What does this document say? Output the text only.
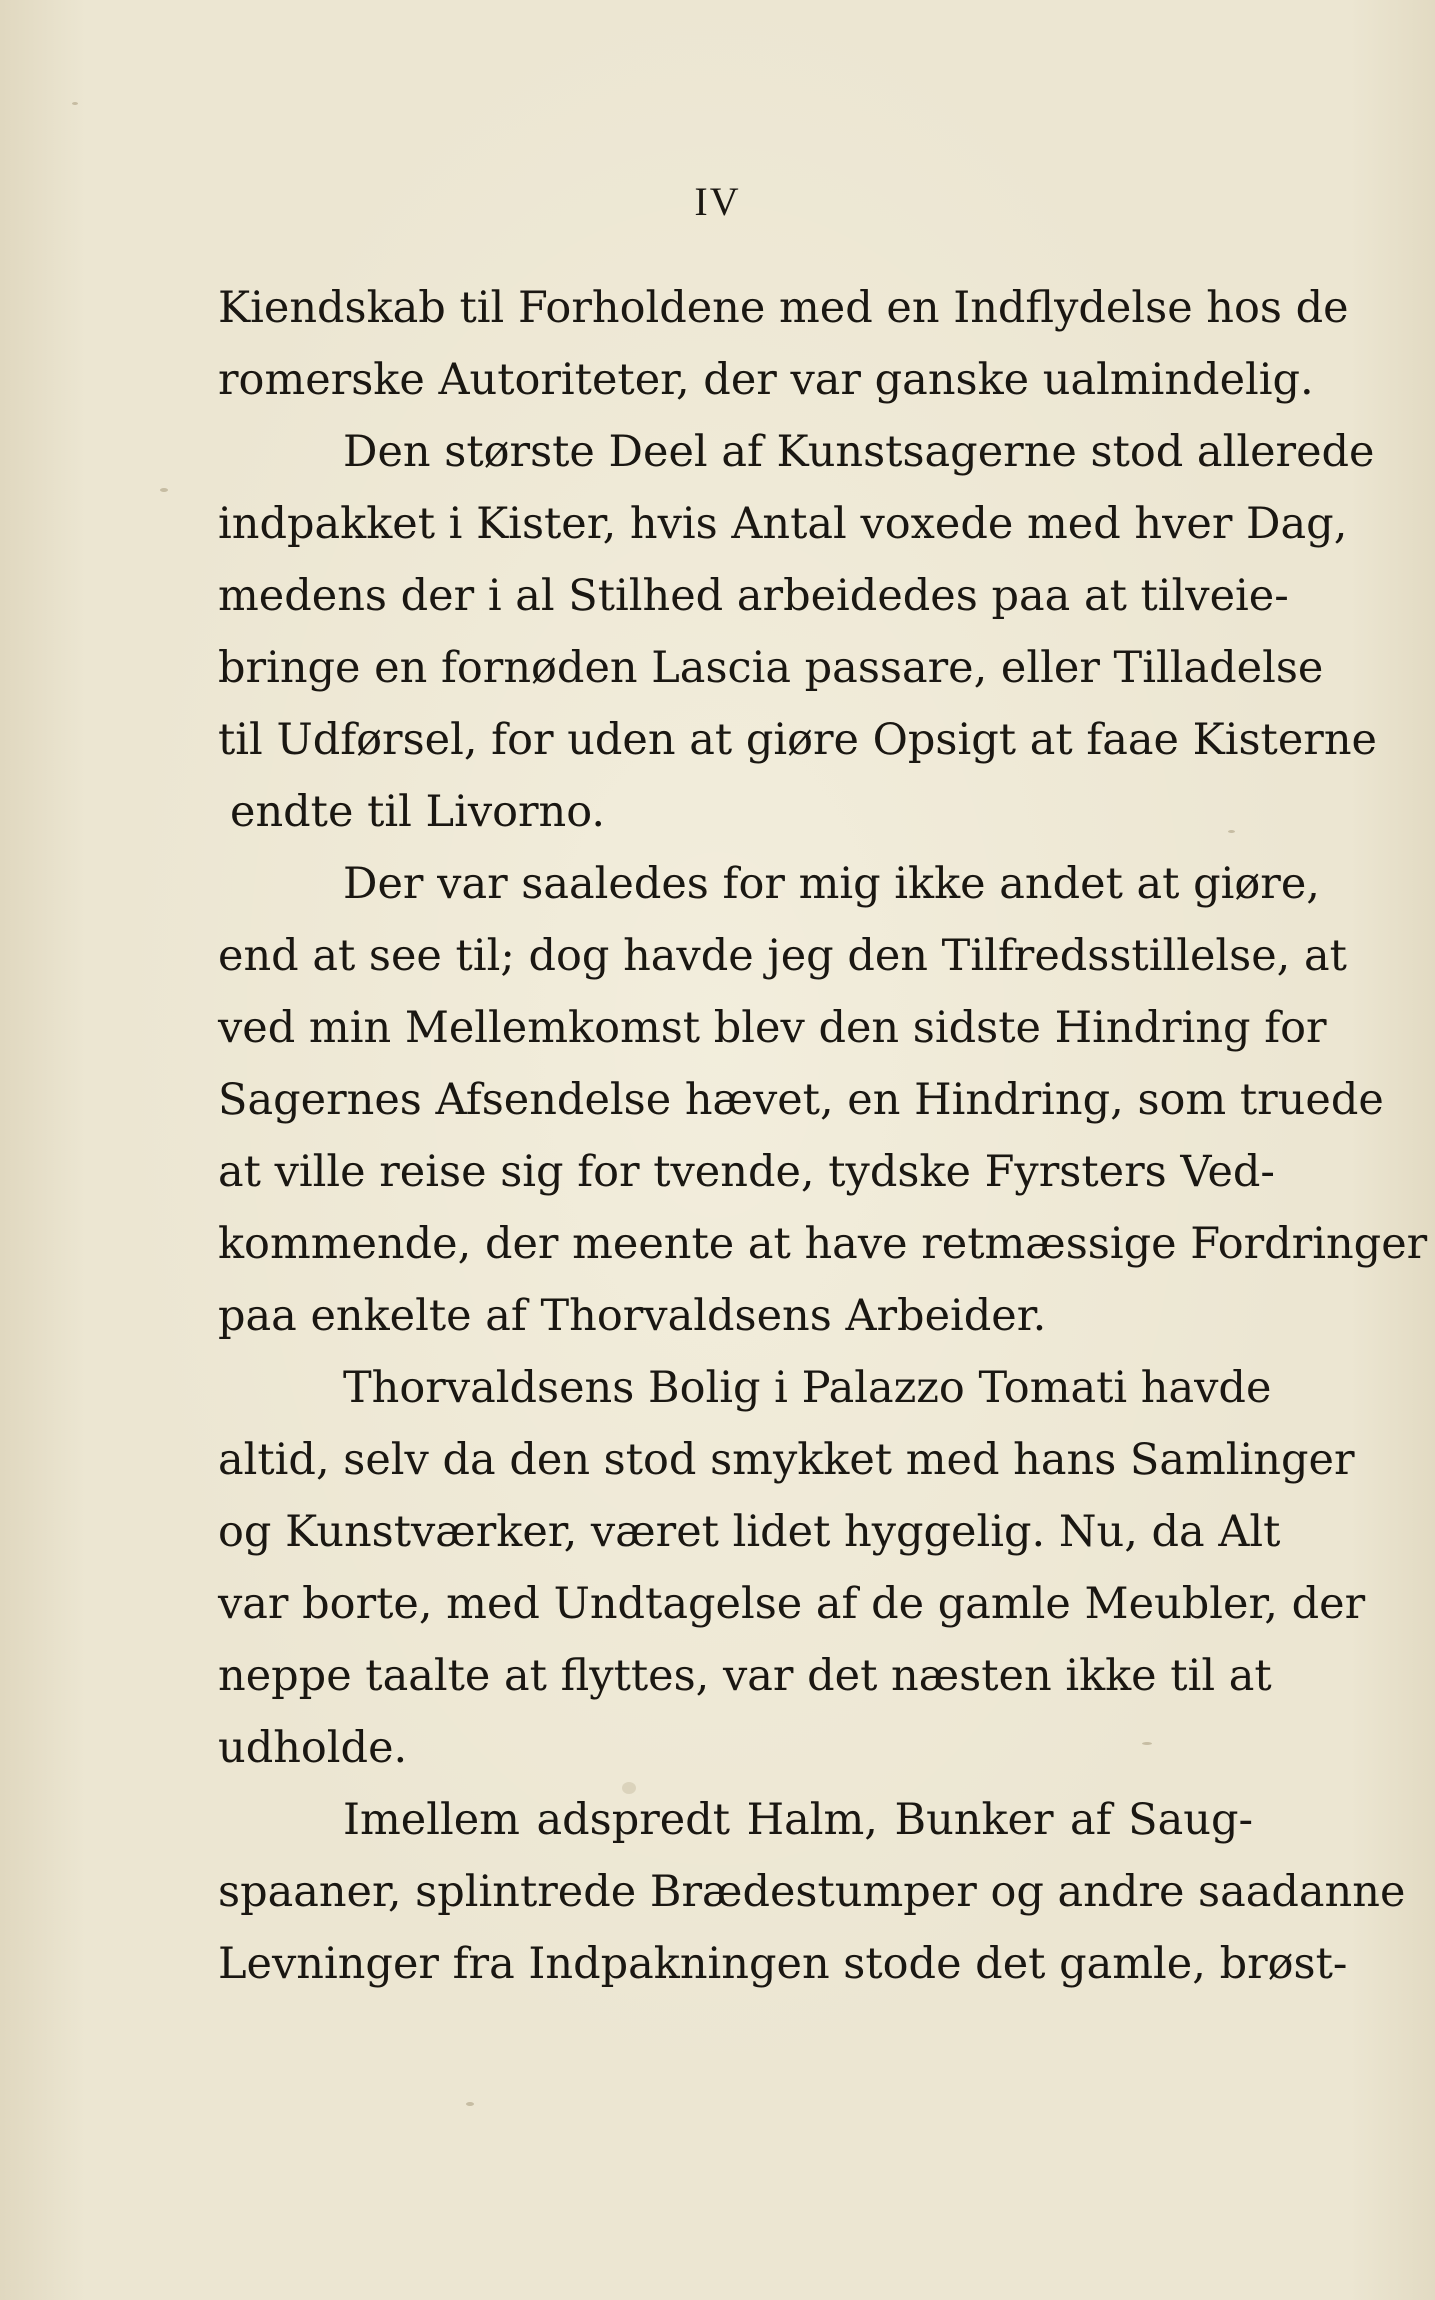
IV
Kiendskab til Forholdene med en Indflydelse hos de
romerske Autoriteter, der var ganske ualmindelig.
Den største Deel af Kunstsagerne stod allerede
indpakket i Kister, hvis Antal voxede med hver Dag,
medens der i al Stilhed arbeidedes paa at tilveie-
bringe en fornøden Lascia passare, eller Tilladelse
til Udførsel, for uden at giøre Opsigt at faae Kisterne
endte til Livorno.
Der var saaledes for mig ikke andet at giøre,
end at see til; dog havde jeg den Tilfredsstillelse, at
ved min Mellemkomst blev den sidste Hindring for
Sagernes Afsendelse hævet, en Hindring, som truede
at ville reise sig for tvende, tydske Fyrsters Ved-
kommende, der meente at have retmæssige Fordringer
paa enkelte af Thorvaldsens Arbeider.
Thorvaldsens Bolig i Palazzo Tomati havde
altid, selv da den stod smykket med hans Samlinger
og Kunstværker, været lidet hyggelig. Nu, da Alt
var borte, med Undtagelse af de gamle Meubler, der
neppe taalte at flyttes, var det næsten ikke til at
udholde.
Imellem adspredt Halm, Bunker af Saug-
spaaner, splintrede Brædestumper og andre saadanne
Levninger fra Indpakningen stode det gamle, brøst-
